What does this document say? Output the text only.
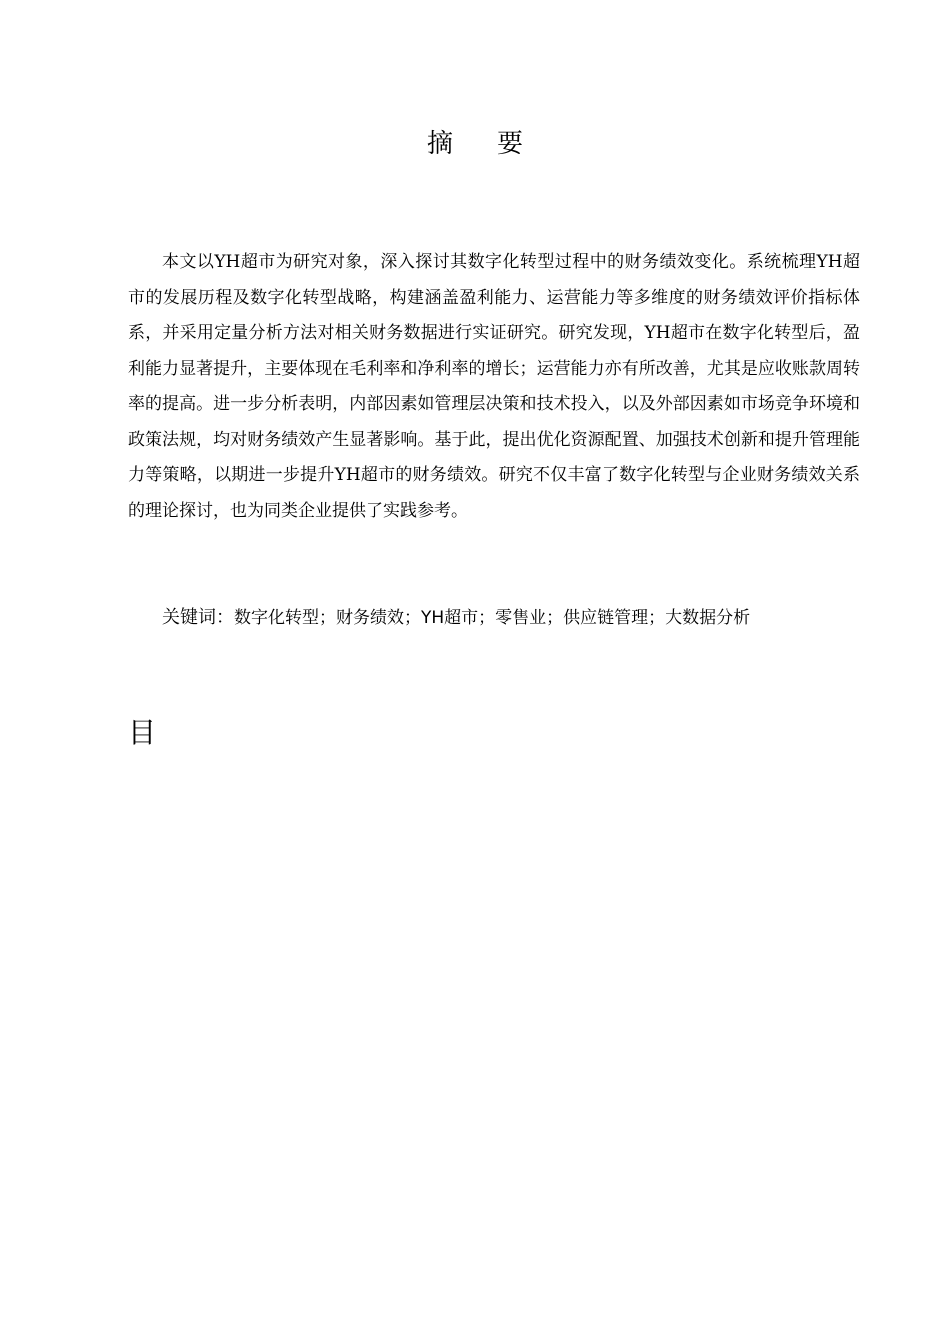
摘 要

本文以YH超市为研究对象，深入探讨其数字化转型过程中的财务绩效变化。系统梳理YH超市的发展历程及数字化转型战略，构建涵盖盈利能力、运营能力等多维度的财务绩效评价指标体系，并采用定量分析方法对相关财务数据进行实证研究。研究发现，YH超市在数字化转型后，盈利能力显著提升，主要体现在毛利率和净利率的增长；运营能力亦有所改善，尤其是应收账款周转率的提高。进一步分析表明，内部因素如管理层决策和技术投入，以及外部因素如市场竞争环境和政策法规，均对财务绩效产生显著影响。基于此，提出优化资源配置、加强技术创新和提升管理能力等策略，以期进一步提升YH超市的财务绩效。研究不仅丰富了数字化转型与企业财务绩效关系的理论探讨，也为同类企业提供了实践参考。

关键词：数字化转型；财务绩效；YH超市；零售业；供应链管理；大数据分析
目
